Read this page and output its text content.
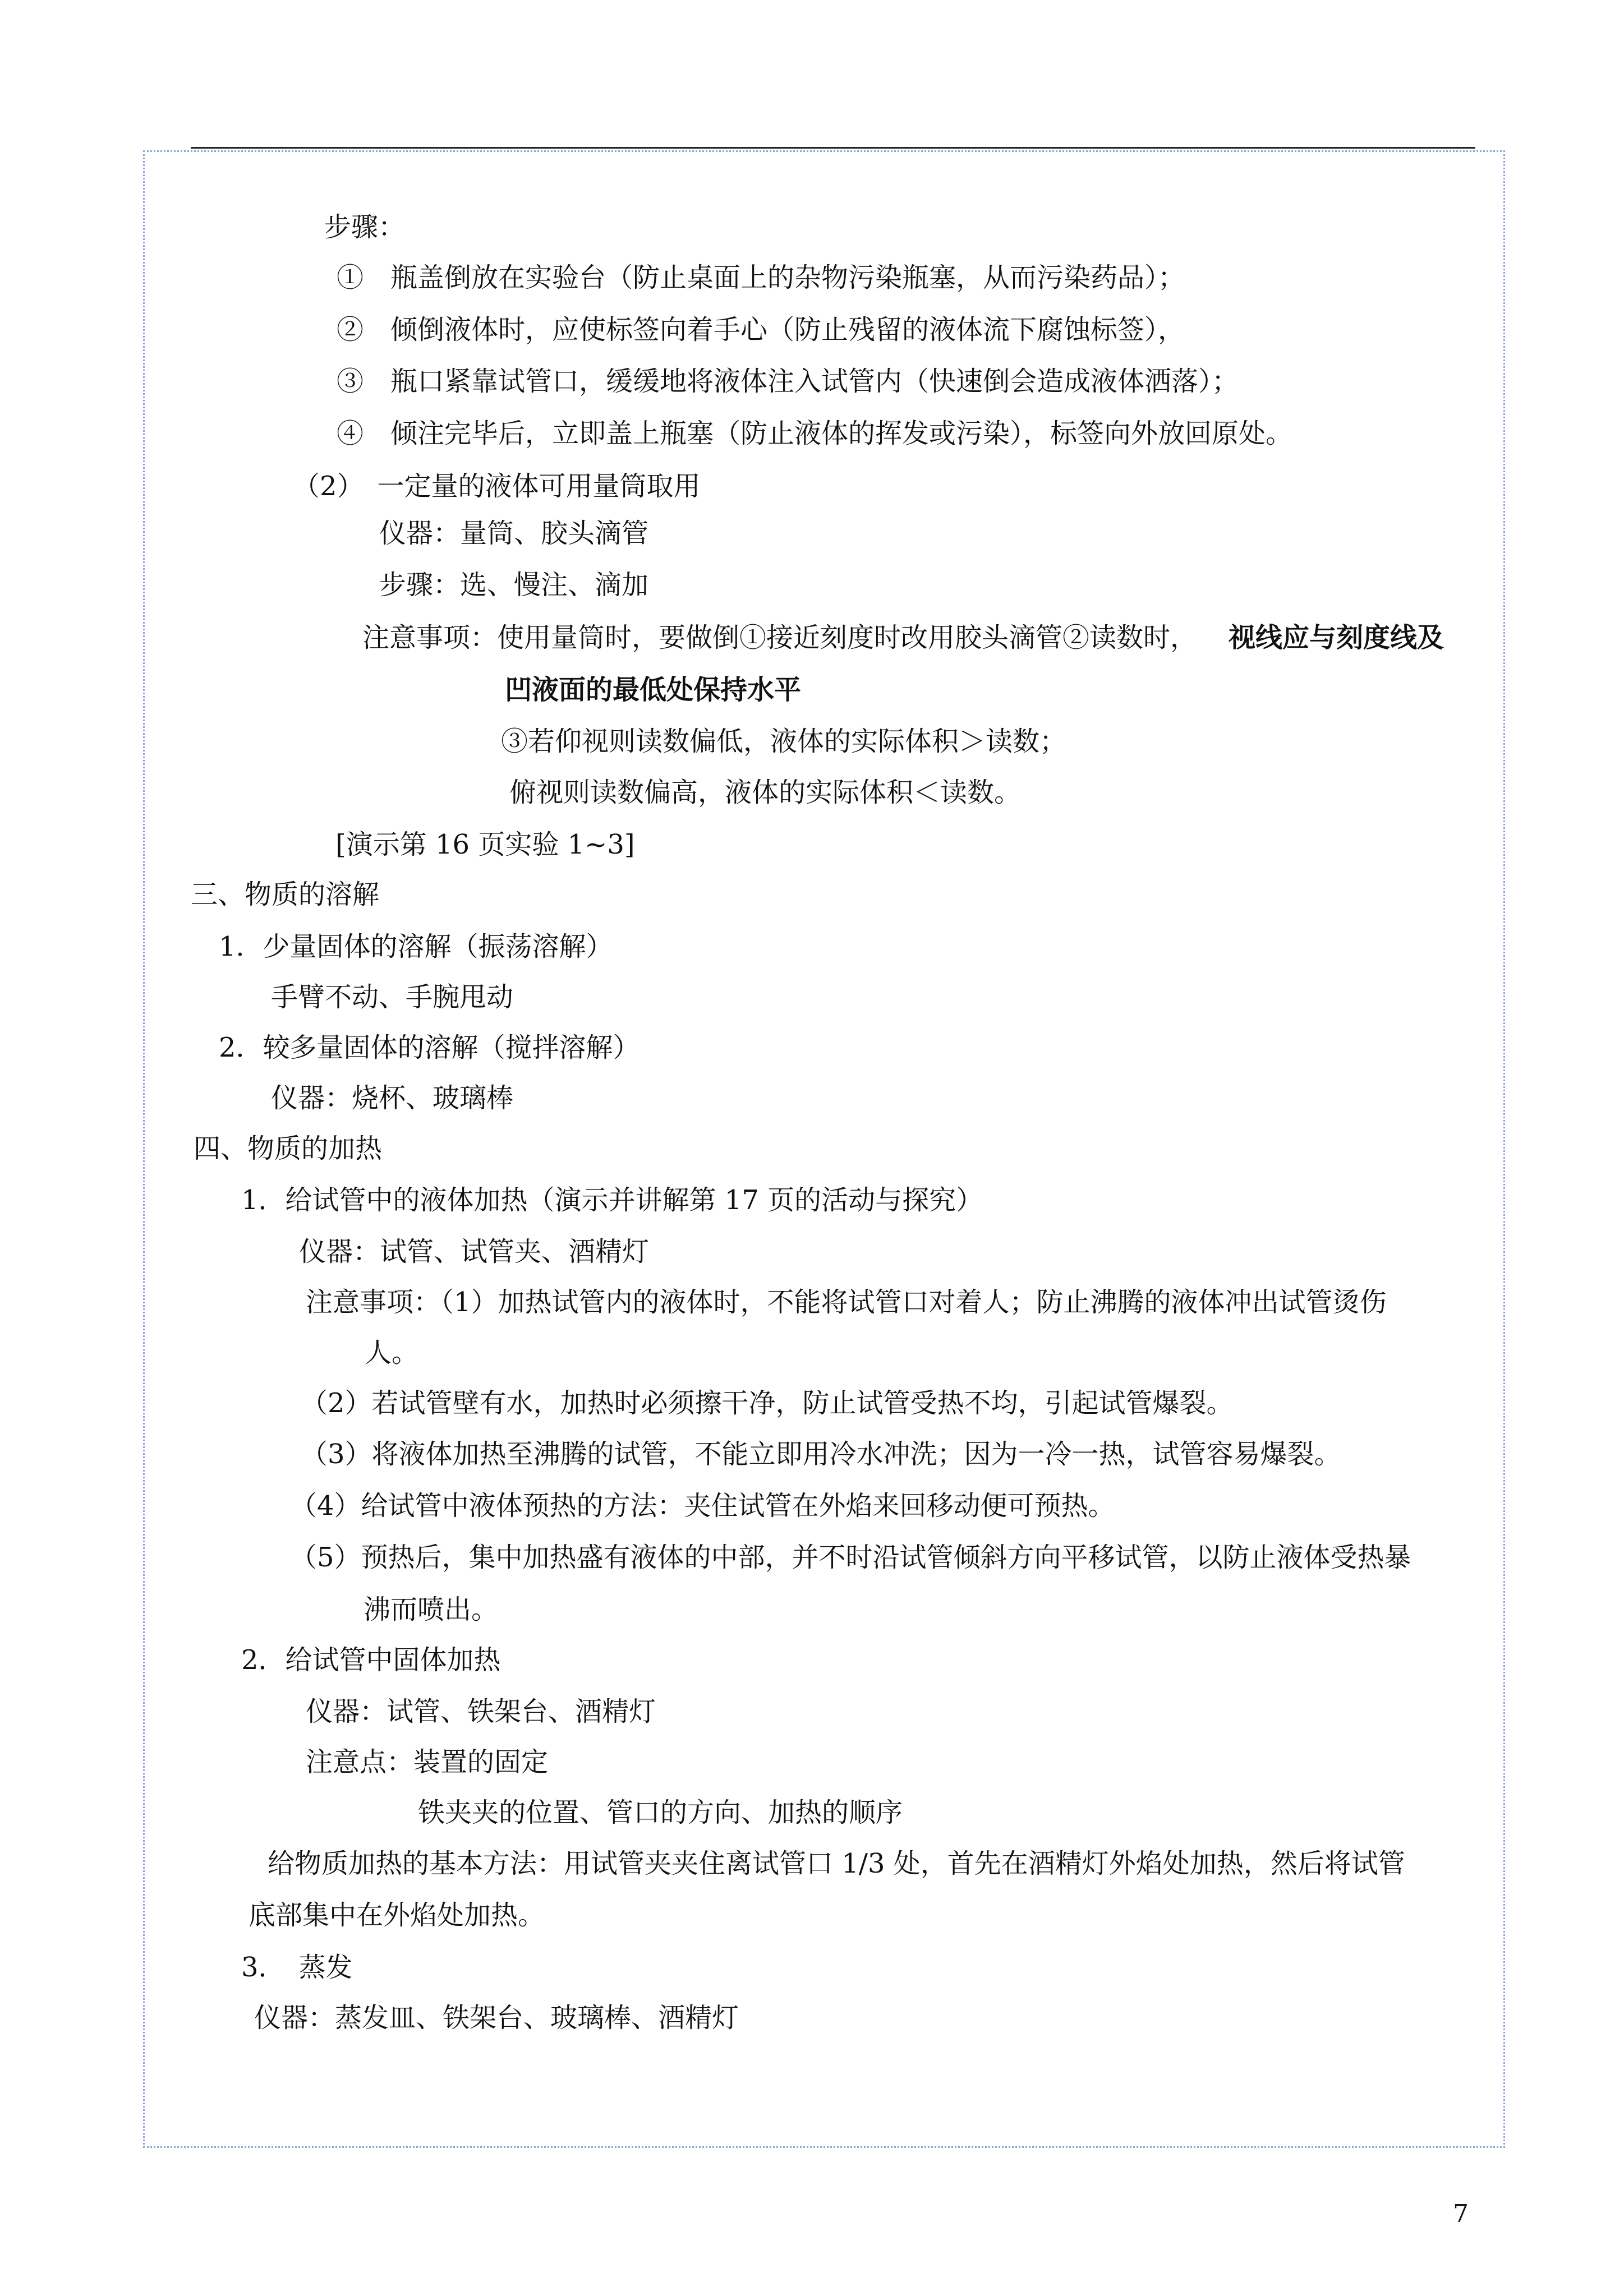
步骤：
①　瓶盖倒放在实验台（防止桌面上的杂物污染瓶塞，从而污染药品）；
②　倾倒液体时，应使标签向着手心（防止残留的液体流下腐蚀标签），
③　瓶口紧靠试管口，缓缓地将液体注入试管内（快速倒会造成液体洒落）；
④　倾注完毕后，立即盖上瓶塞（防止液体的挥发或污染），标签向外放回原处。
（2）　一定量的液体可用量筒取用
仪器：量筒、胶头滴管
步骤：选、慢注、滴加
注意事项：使用量筒时，要做倒①接近刻度时改用胶头滴管②读数时， 视线应与刻度线及
凹液面的最低处保持水平
③若仰视则读数偏低，液体的实际体积＞读数；
俯视则读数偏高，液体的实际体积＜读数。
[演示第 16 页实验 1~3]
三、物质的溶解
1．少量固体的溶解（振荡溶解）
手臂不动、手腕甩动
2．较多量固体的溶解（搅拌溶解）
仪器：烧杯、玻璃棒
四、物质的加热
1．给试管中的液体加热（演示并讲解第 17 页的活动与探究）
仪器：试管、试管夹、酒精灯
注意事项：（1）加热试管内的液体时，不能将试管口对着人；防止沸腾的液体冲出试管烫伤
人。
（2）若试管壁有水，加热时必须擦干净，防止试管受热不均，引起试管爆裂。
（3）将液体加热至沸腾的试管，不能立即用冷水冲洗；因为一冷一热，试管容易爆裂。
（4）给试管中液体预热的方法：夹住试管在外焰来回移动便可预热。
（5）预热后，集中加热盛有液体的中部，并不时沿试管倾斜方向平移试管，以防止液体受热暴
沸而喷出。
2．给试管中固体加热
仪器：试管、铁架台、酒精灯
注意点：装置的固定
铁夹夹的位置、管口的方向、加热的顺序
给物质加热的基本方法：用试管夹夹住离试管口 1/3 处，首先在酒精灯外焰处加热，然后将试管
底部集中在外焰处加热。
3．　蒸发
仪器：蒸发皿、铁架台、玻璃棒、酒精灯
7
